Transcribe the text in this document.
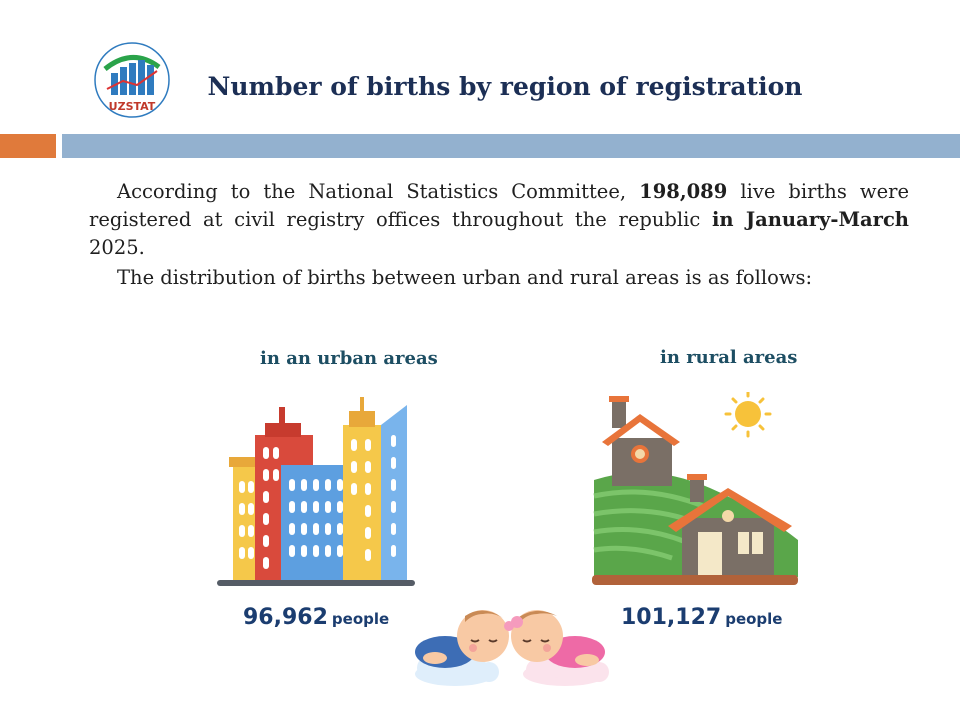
UZSTAT
Number of births by region of registration

According to the National Statistics Committee, 198,089 live births were registered at civil registry offices throughout the republic in January-March 2025.

The distribution of births between urban and rural areas is as follows:

in an urban areas	in rural areas
96,962 people	101,127 people
